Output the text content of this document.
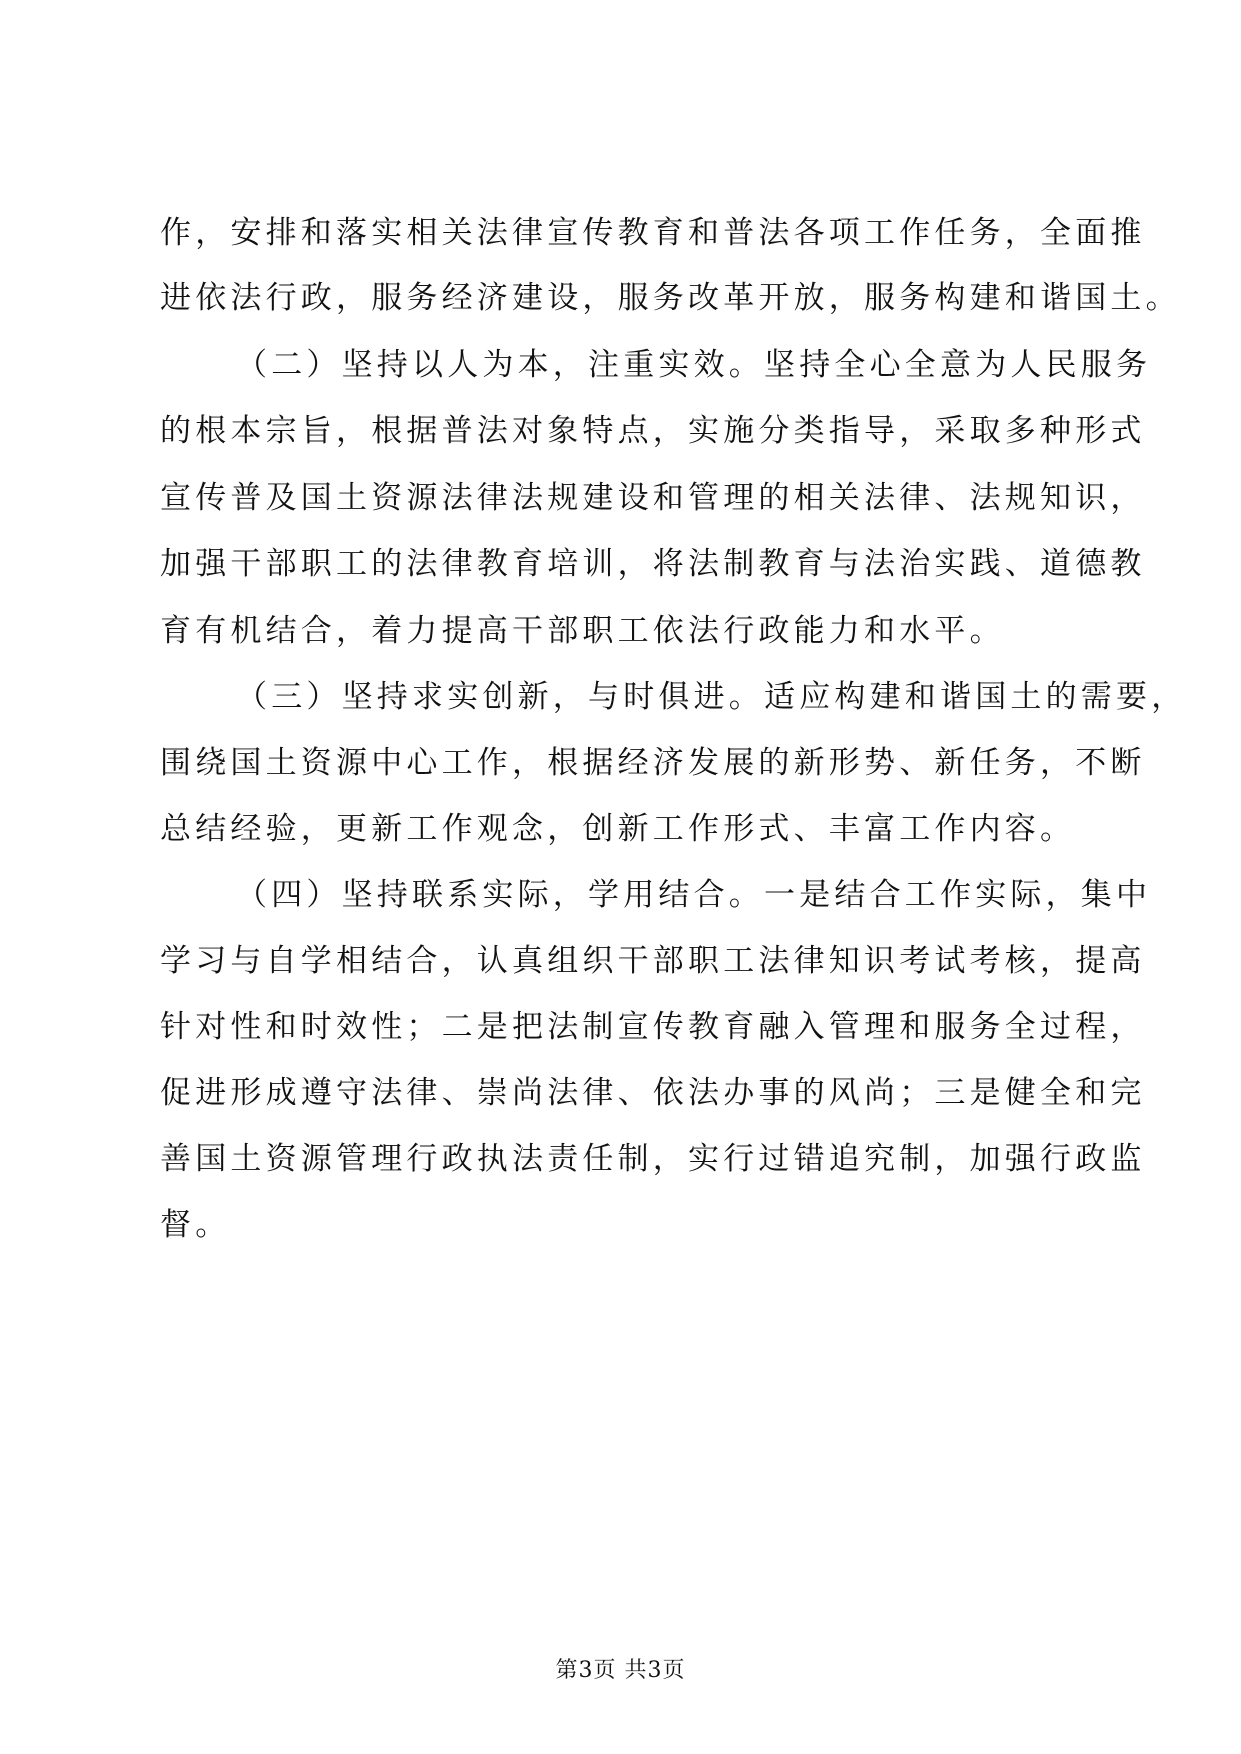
作，安排和落实相关法律宣传教育和普法各项工作任务，全面推
进依法行政，服务经济建设，服务改革开放，服务构建和谐国土。
（二）坚持以人为本，注重实效。坚持全心全意为人民服务
的根本宗旨，根据普法对象特点，实施分类指导，采取多种形式
宣传普及国土资源法律法规建设和管理的相关法律、法规知识，
加强干部职工的法律教育培训，将法制教育与法治实践、道德教
育有机结合，着力提高干部职工依法行政能力和水平。
（三）坚持求实创新，与时俱进。适应构建和谐国土的需要，
围绕国土资源中心工作，根据经济发展的新形势、新任务，不断
总结经验，更新工作观念，创新工作形式、丰富工作内容。
（四）坚持联系实际，学用结合。一是结合工作实际，集中
学习与自学相结合，认真组织干部职工法律知识考试考核，提高
针对性和时效性；二是把法制宣传教育融入管理和服务全过程，
促进形成遵守法律、崇尚法律、依法办事的风尚；三是健全和完
善国土资源管理行政执法责任制，实行过错追究制，加强行政监
督。
第3页 共3页
